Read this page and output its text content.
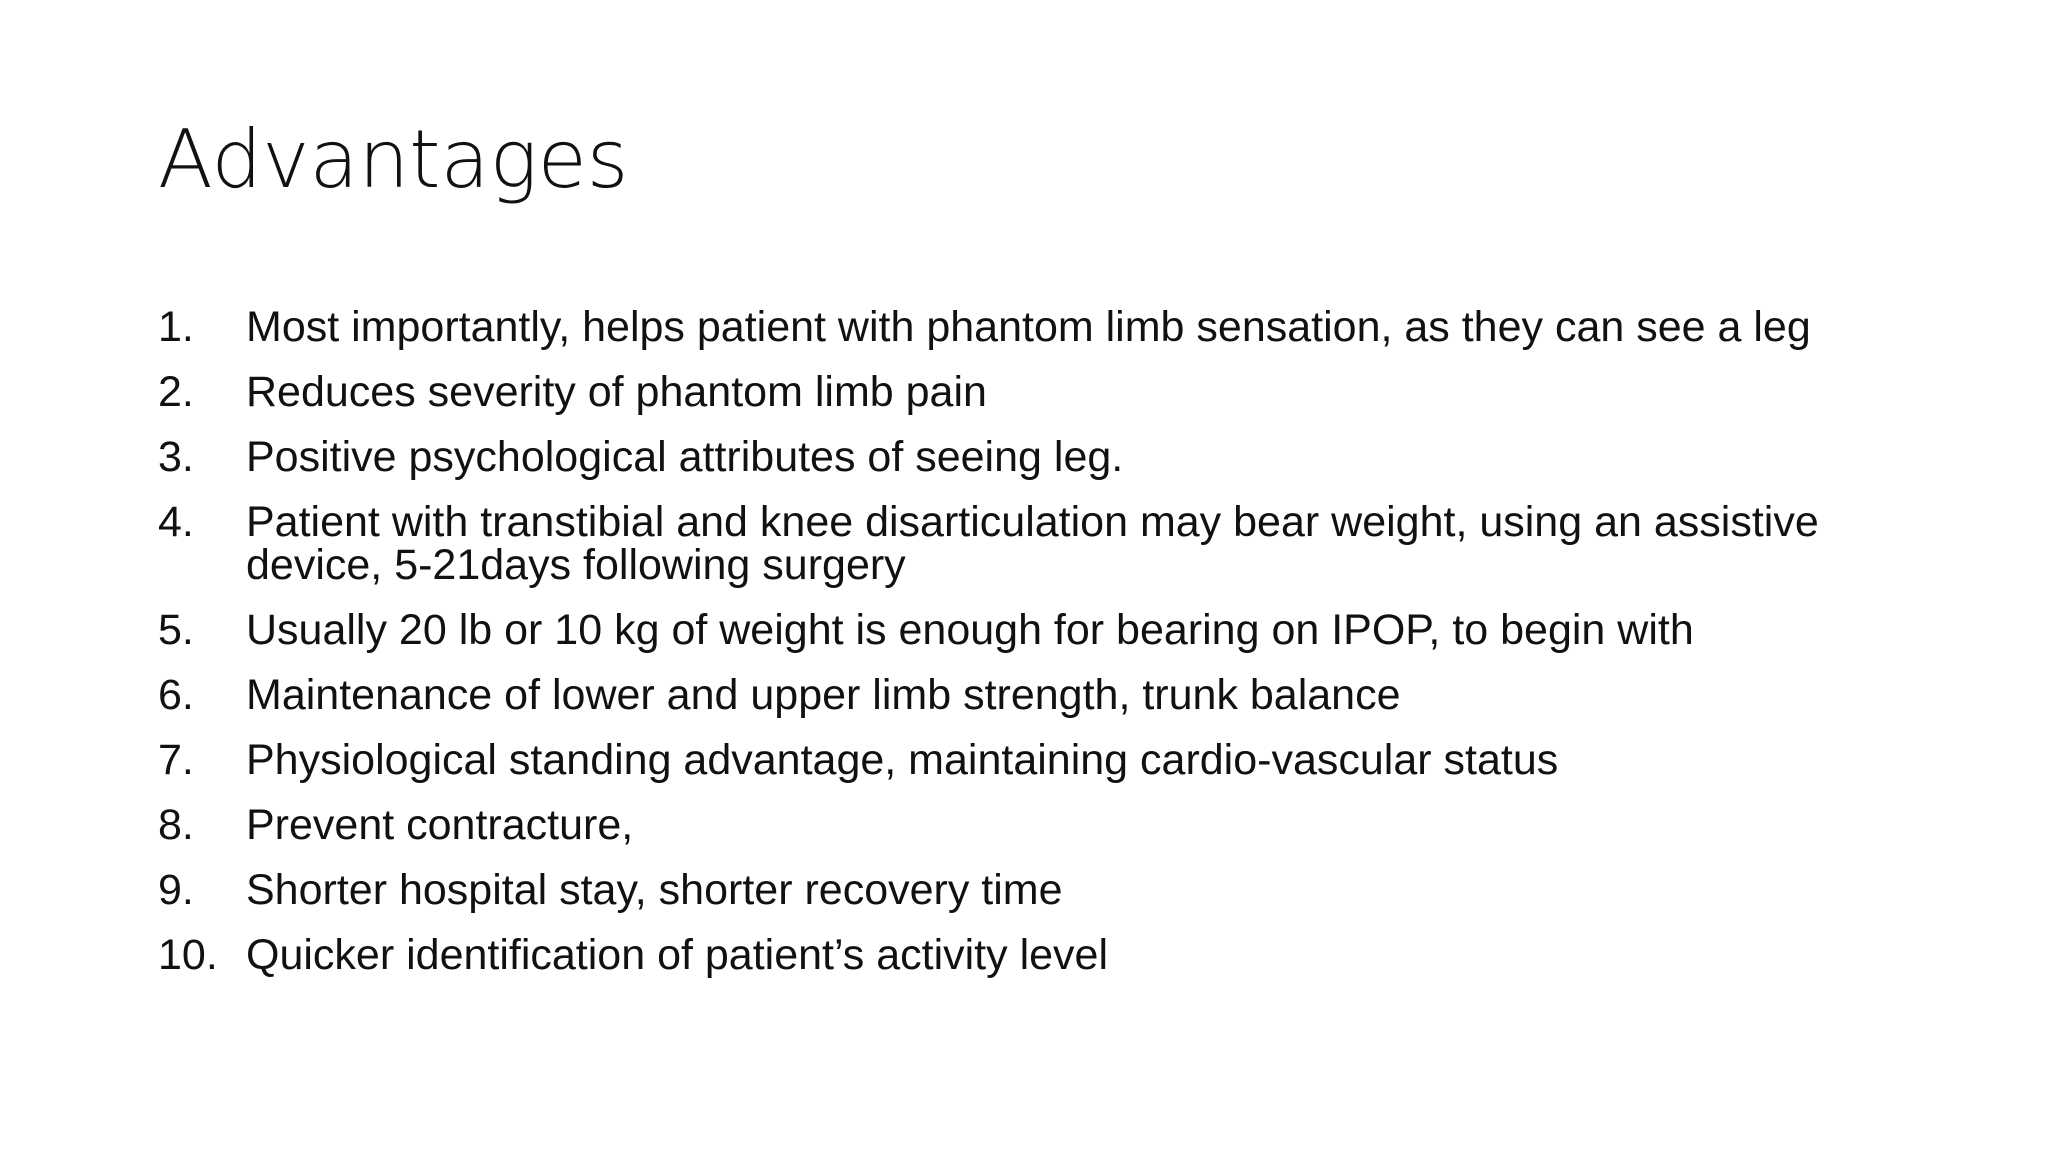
Advantages
1.	Most importantly, helps patient with phantom limb sensation, as they can see a leg
2.	Reduces severity of phantom limb pain
3.	Positive psychological attributes of seeing leg.
4.	Patient with transtibial and knee disarticulation may bear weight, using an assistive device, 5-21days following surgery
5.	Usually 20 lb or 10 kg of weight is enough for bearing on IPOP, to begin with
6.	Maintenance of lower and upper limb strength, trunk balance
7.	Physiological standing advantage, maintaining cardio-vascular status
8.	Prevent contracture,
9.	Shorter hospital stay, shorter recovery time
10. Quicker identification of patient’s activity level
